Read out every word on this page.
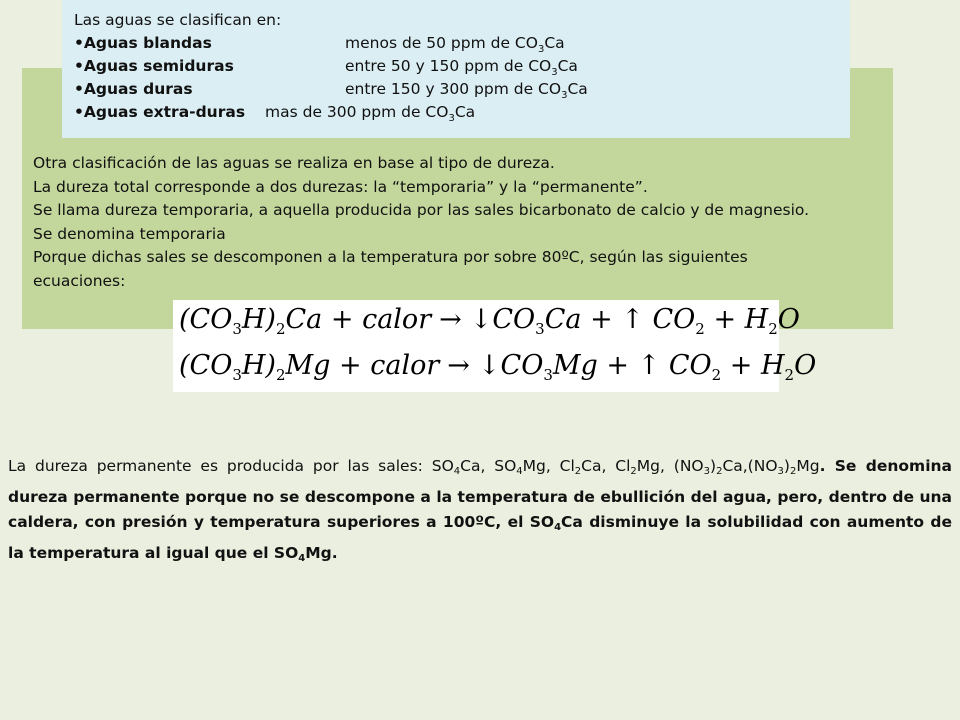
Las aguas se clasifican en:
•Aguas blandas	menos de 50 ppm de $CO_3Ca$
•Aguas semiduras	entre 50 y 150 ppm de $CO_3Ca$
•Aguas duras	entre 150 y 300 ppm de $CO_3Ca$
•Aguas extra-duras mas de 300 ppm de $CO_3Ca$

Otra clasificación de las aguas se realiza en base al tipo de dureza.

La dureza total corresponde a dos durezas: la “temporaria” y la “permanente”.

Se llama dureza temporaria, a aquella producida por las sales bicarbonato de calcio y de magnesio. Se denomina temporaria

Porque dichas sales se descomponen a la temperatura por sobre 80ºC, según las siguientes ecuaciones:

$(CO_3H)_2Ca$ + calor → $↓CO_3Ca$ + ↑ $CO_2 + H_2O$
$(CO_3H)_2Mg$ + calor → $↓CO_3Mg$ + ↑ $CO_2 + H_2O$

La dureza permanente es producida por las sales: $SO_4Ca$, $SO_4Mg$, $Cl_2Ca$, $Cl_2Mg$, $(NO_3)_2Ca,(NO_3)_2Mg$. Se denomina dureza permanente porque no se descompone a la temperatura de ebullición del agua, pero, dentro de una caldera, con presión y temperatura superiores a 100ºC, el $SO_4Ca$ disminuye la solubilidad con aumento de la temperatura al igual que el $SO_4Mg$.
